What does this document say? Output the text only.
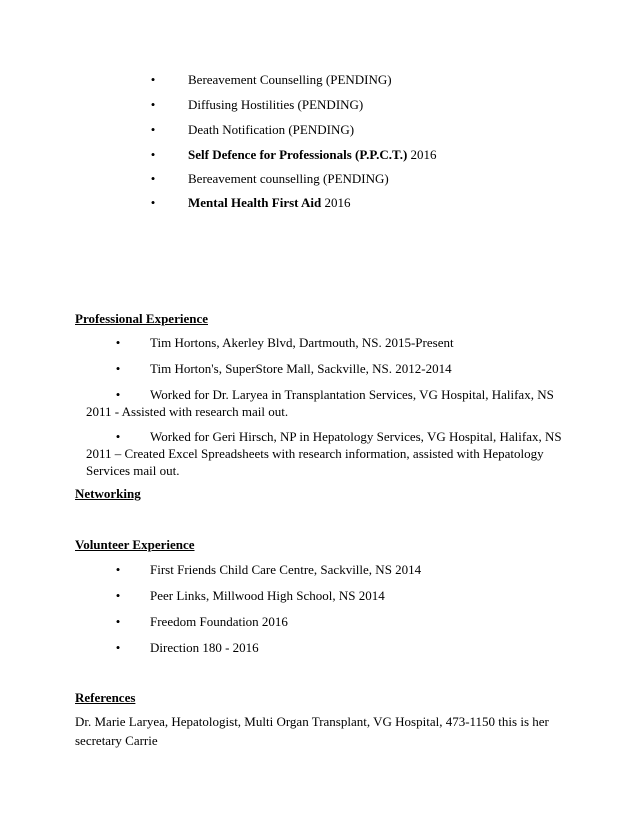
•	Bereavement Counselling (PENDING)
•	Diffusing Hostilities (PENDING)
•	Death Notification (PENDING)
•	Self Defence for Professionals (P.P.C.T.) 2016
•	Bereavement counselling (PENDING)
•	Mental Health First Aid 2016
Professional Experience
• Tim Hortons, Akerley Blvd, Dartmouth, NS. 2015-Present
• Tim Horton's, SuperStore Mall, Sackville, NS. 2012-2014
• Worked for Dr. Laryea in Transplantation Services, VG Hospital, Halifax, NS
2011 - Assisted with research mail out.
• Worked for Geri Hirsch, NP in Hepatology Services, VG Hospital, Halifax, NS
2011 – Created Excel Spreadsheets with research information, assisted with Hepatology
Services mail out.
Networking
Volunteer Experience
• First Friends Child Care Centre, Sackville, NS 2014
• Peer Links, Millwood High School, NS 2014
• Freedom Foundation 2016
• Direction 180 - 2016
References
Dr. Marie Laryea, Hepatologist, Multi Organ Transplant, VG Hospital, 473-1150 this is her
secretary Carrie
